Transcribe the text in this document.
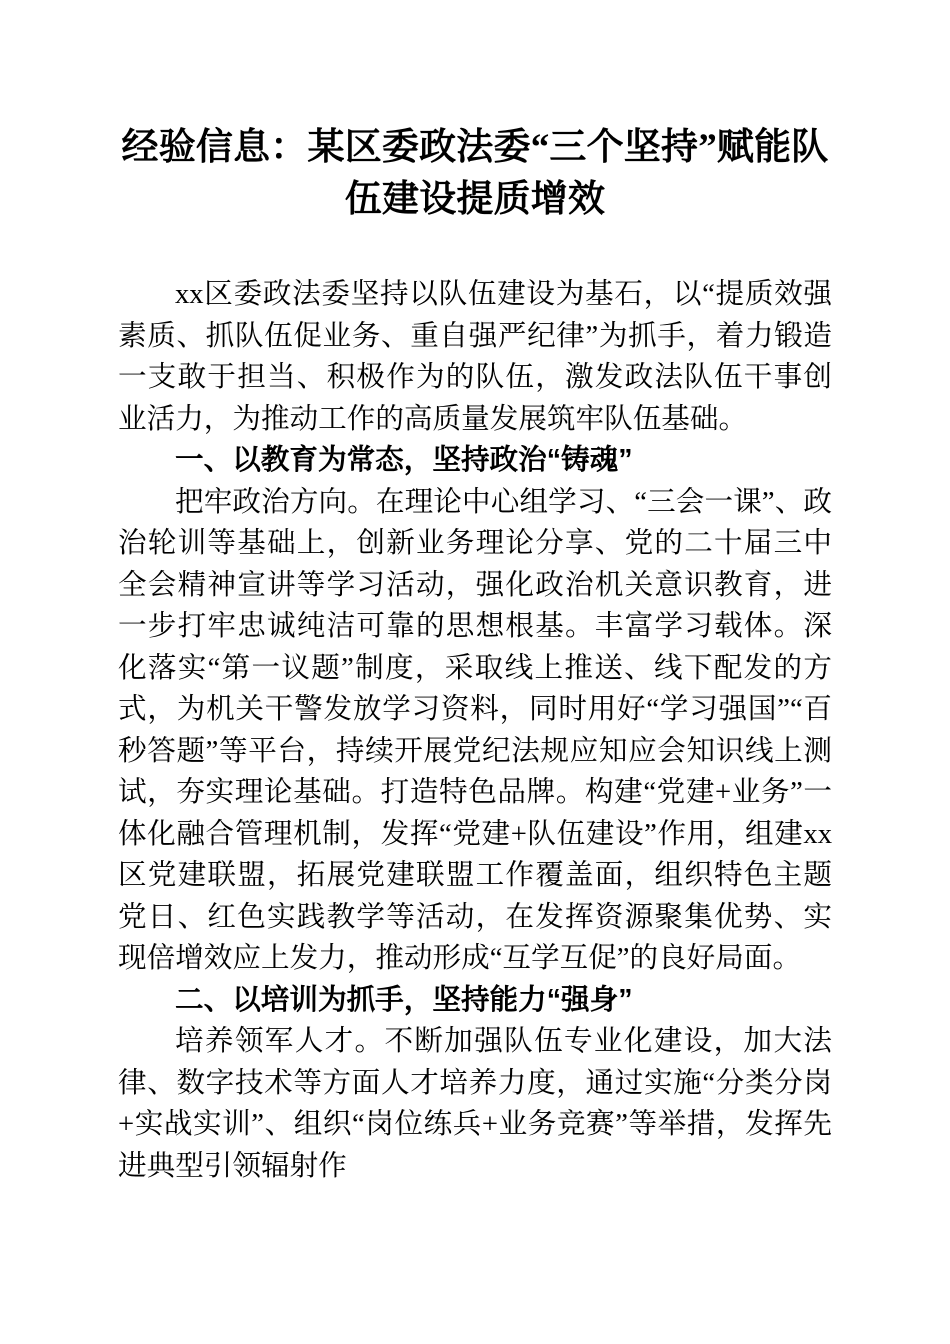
经验信息：某区委政法委“三个坚持”赋能队伍建设提质增效

xx区委政法委坚持以队伍建设为基石，以“提质效强素质、抓队伍促业务、重自强严纪律”为抓手，着力锻造一支敢于担当、积极作为的队伍，激发政法队伍干事创业活力，为推动工作的高质量发展筑牢队伍基础。

一、以教育为常态，坚持政治“铸魂”

把牢政治方向。在理论中心组学习、“三会一课”、政治轮训等基础上，创新业务理论分享、党的二十届三中全会精神宣讲等学习活动，强化政治机关意识教育，进一步打牢忠诚纯洁可靠的思想根基。丰富学习载体。深化落实“第一议题”制度，采取线上推送、线下配发的方式，为机关干警发放学习资料，同时用好“学习强国”“百秒答题”等平台，持续开展党纪法规应知应会知识线上测试，夯实理论基础。打造特色品牌。构建“党建+业务”一体化融合管理机制，发挥“党建+队伍建设”作用，组建xx区党建联盟，拓展党建联盟工作覆盖面，组织特色主题党日、红色实践教学等活动，在发挥资源聚集优势、实现倍增效应上发力，推动形成“互学互促”的良好局面。

二、以培训为抓手，坚持能力“强身”

培养领军人才。不断加强队伍专业化建设，加大法律、数字技术等方面人才培养力度，通过实施“分类分岗+实战实训”、组织“岗位练兵+业务竞赛”等举措，发挥先进典型引领辐射作
